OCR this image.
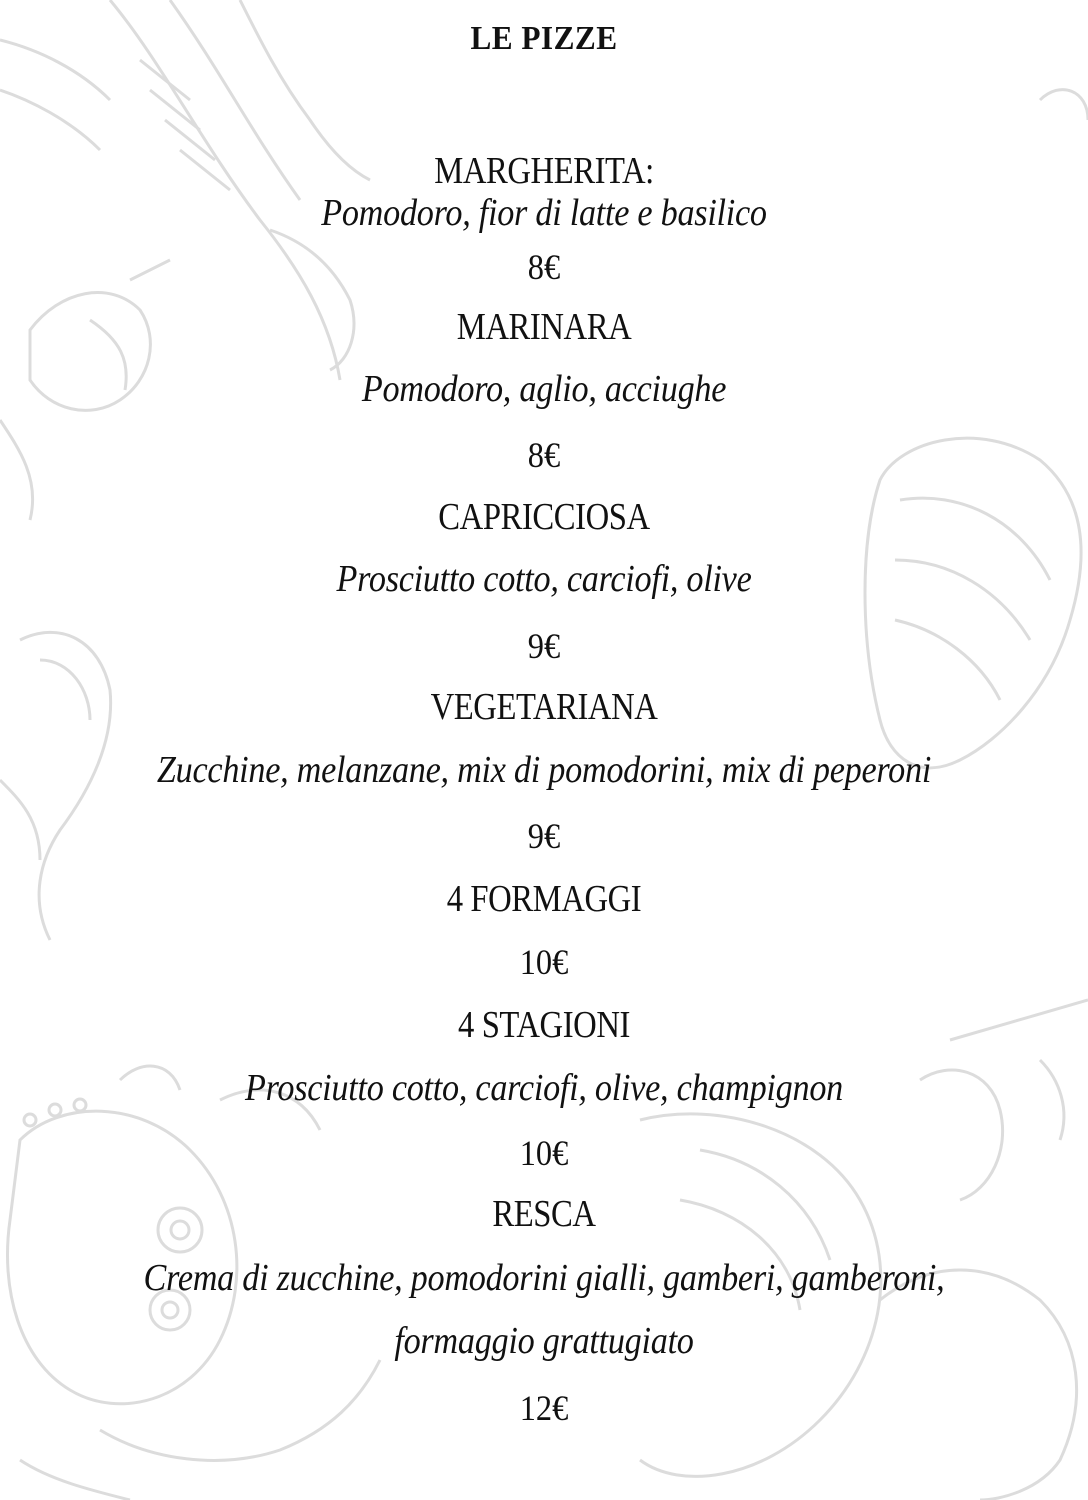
LE PIZZE
MARGHERITA:
Pomodoro, fior di latte e basilico
8€
MARINARA
Pomodoro, aglio, acciughe
8€
CAPRICCIOSA
Prosciutto cotto, carciofi, olive
9€
VEGETARIANA
Zucchine, melanzane, mix di pomodorini, mix di peperoni
9€
4 FORMAGGI
10€
4 STAGIONI
Prosciutto cotto, carciofi, olive, champignon
10€
RESCA
Crema di zucchine, pomodorini gialli, gamberi, gamberoni,
formaggio grattugiato
12€
